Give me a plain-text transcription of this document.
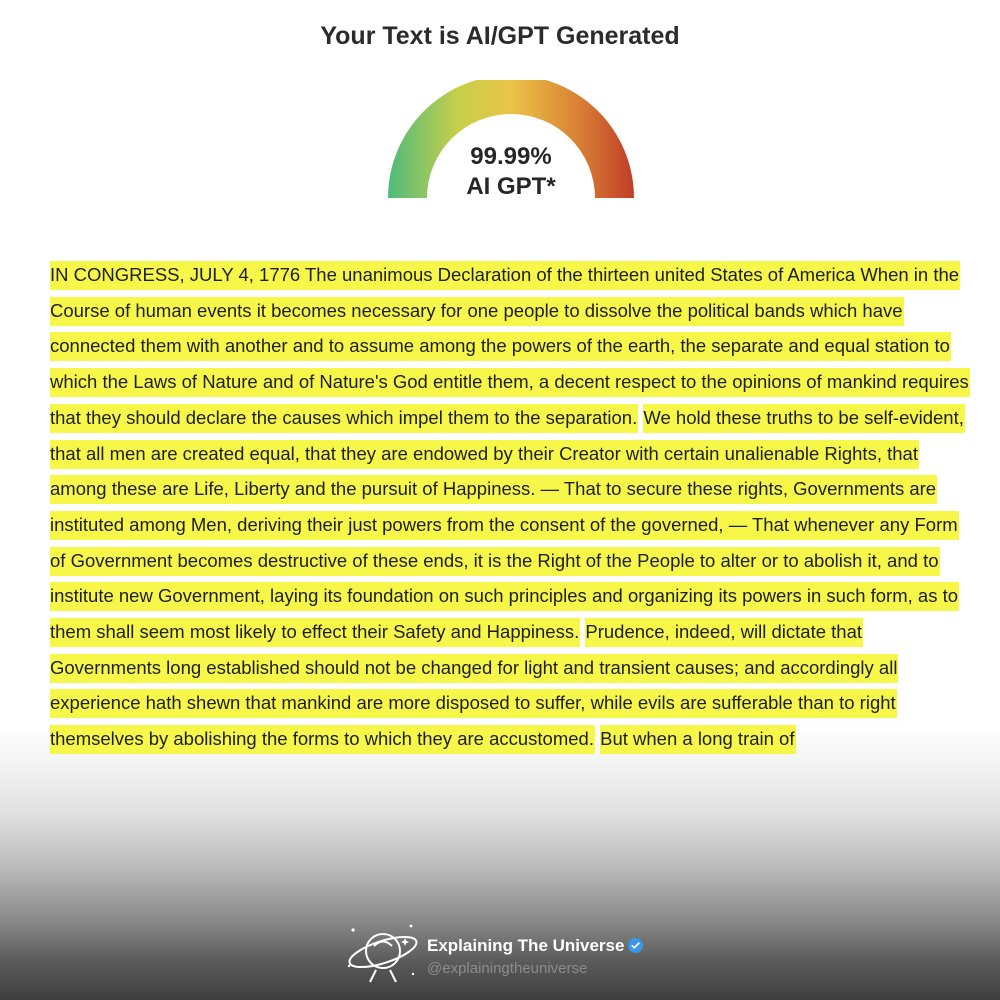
Your Text is AI/GPT Generated
99.99%
AI GPT*
IN CONGRESS, JULY 4, 1776 The unanimous Declaration of the thirteen united States of America When in the Course of human events it becomes necessary for one people to dissolve the political bands which have connected them with another and to assume among the powers of the earth, the separate and equal station to which the Laws of Nature and of Nature's God entitle them, a decent respect to the opinions of mankind requires that they should declare the causes which impel them to the separation. We hold these truths to be self-evident, that all men are created equal, that they are endowed by their Creator with certain unalienable Rights, that among these are Life, Liberty and the pursuit of Happiness. — That to secure these rights, Governments are instituted among Men, deriving their just powers from the consent of the governed, — That whenever any Form of Government becomes destructive of these ends, it is the Right of the People to alter or to abolish it, and to institute new Government, laying its foundation on such principles and organizing its powers in such form, as to them shall seem most likely to effect their Safety and Happiness. Prudence, indeed, will dictate that Governments long established should not be changed for light and transient causes; and accordingly all experience hath shewn that mankind are more disposed to suffer, while evils are sufferable than to right themselves by abolishing the forms to which they are accustomed. But when a long train of
Explaining The Universe
@explainingtheuniverse
